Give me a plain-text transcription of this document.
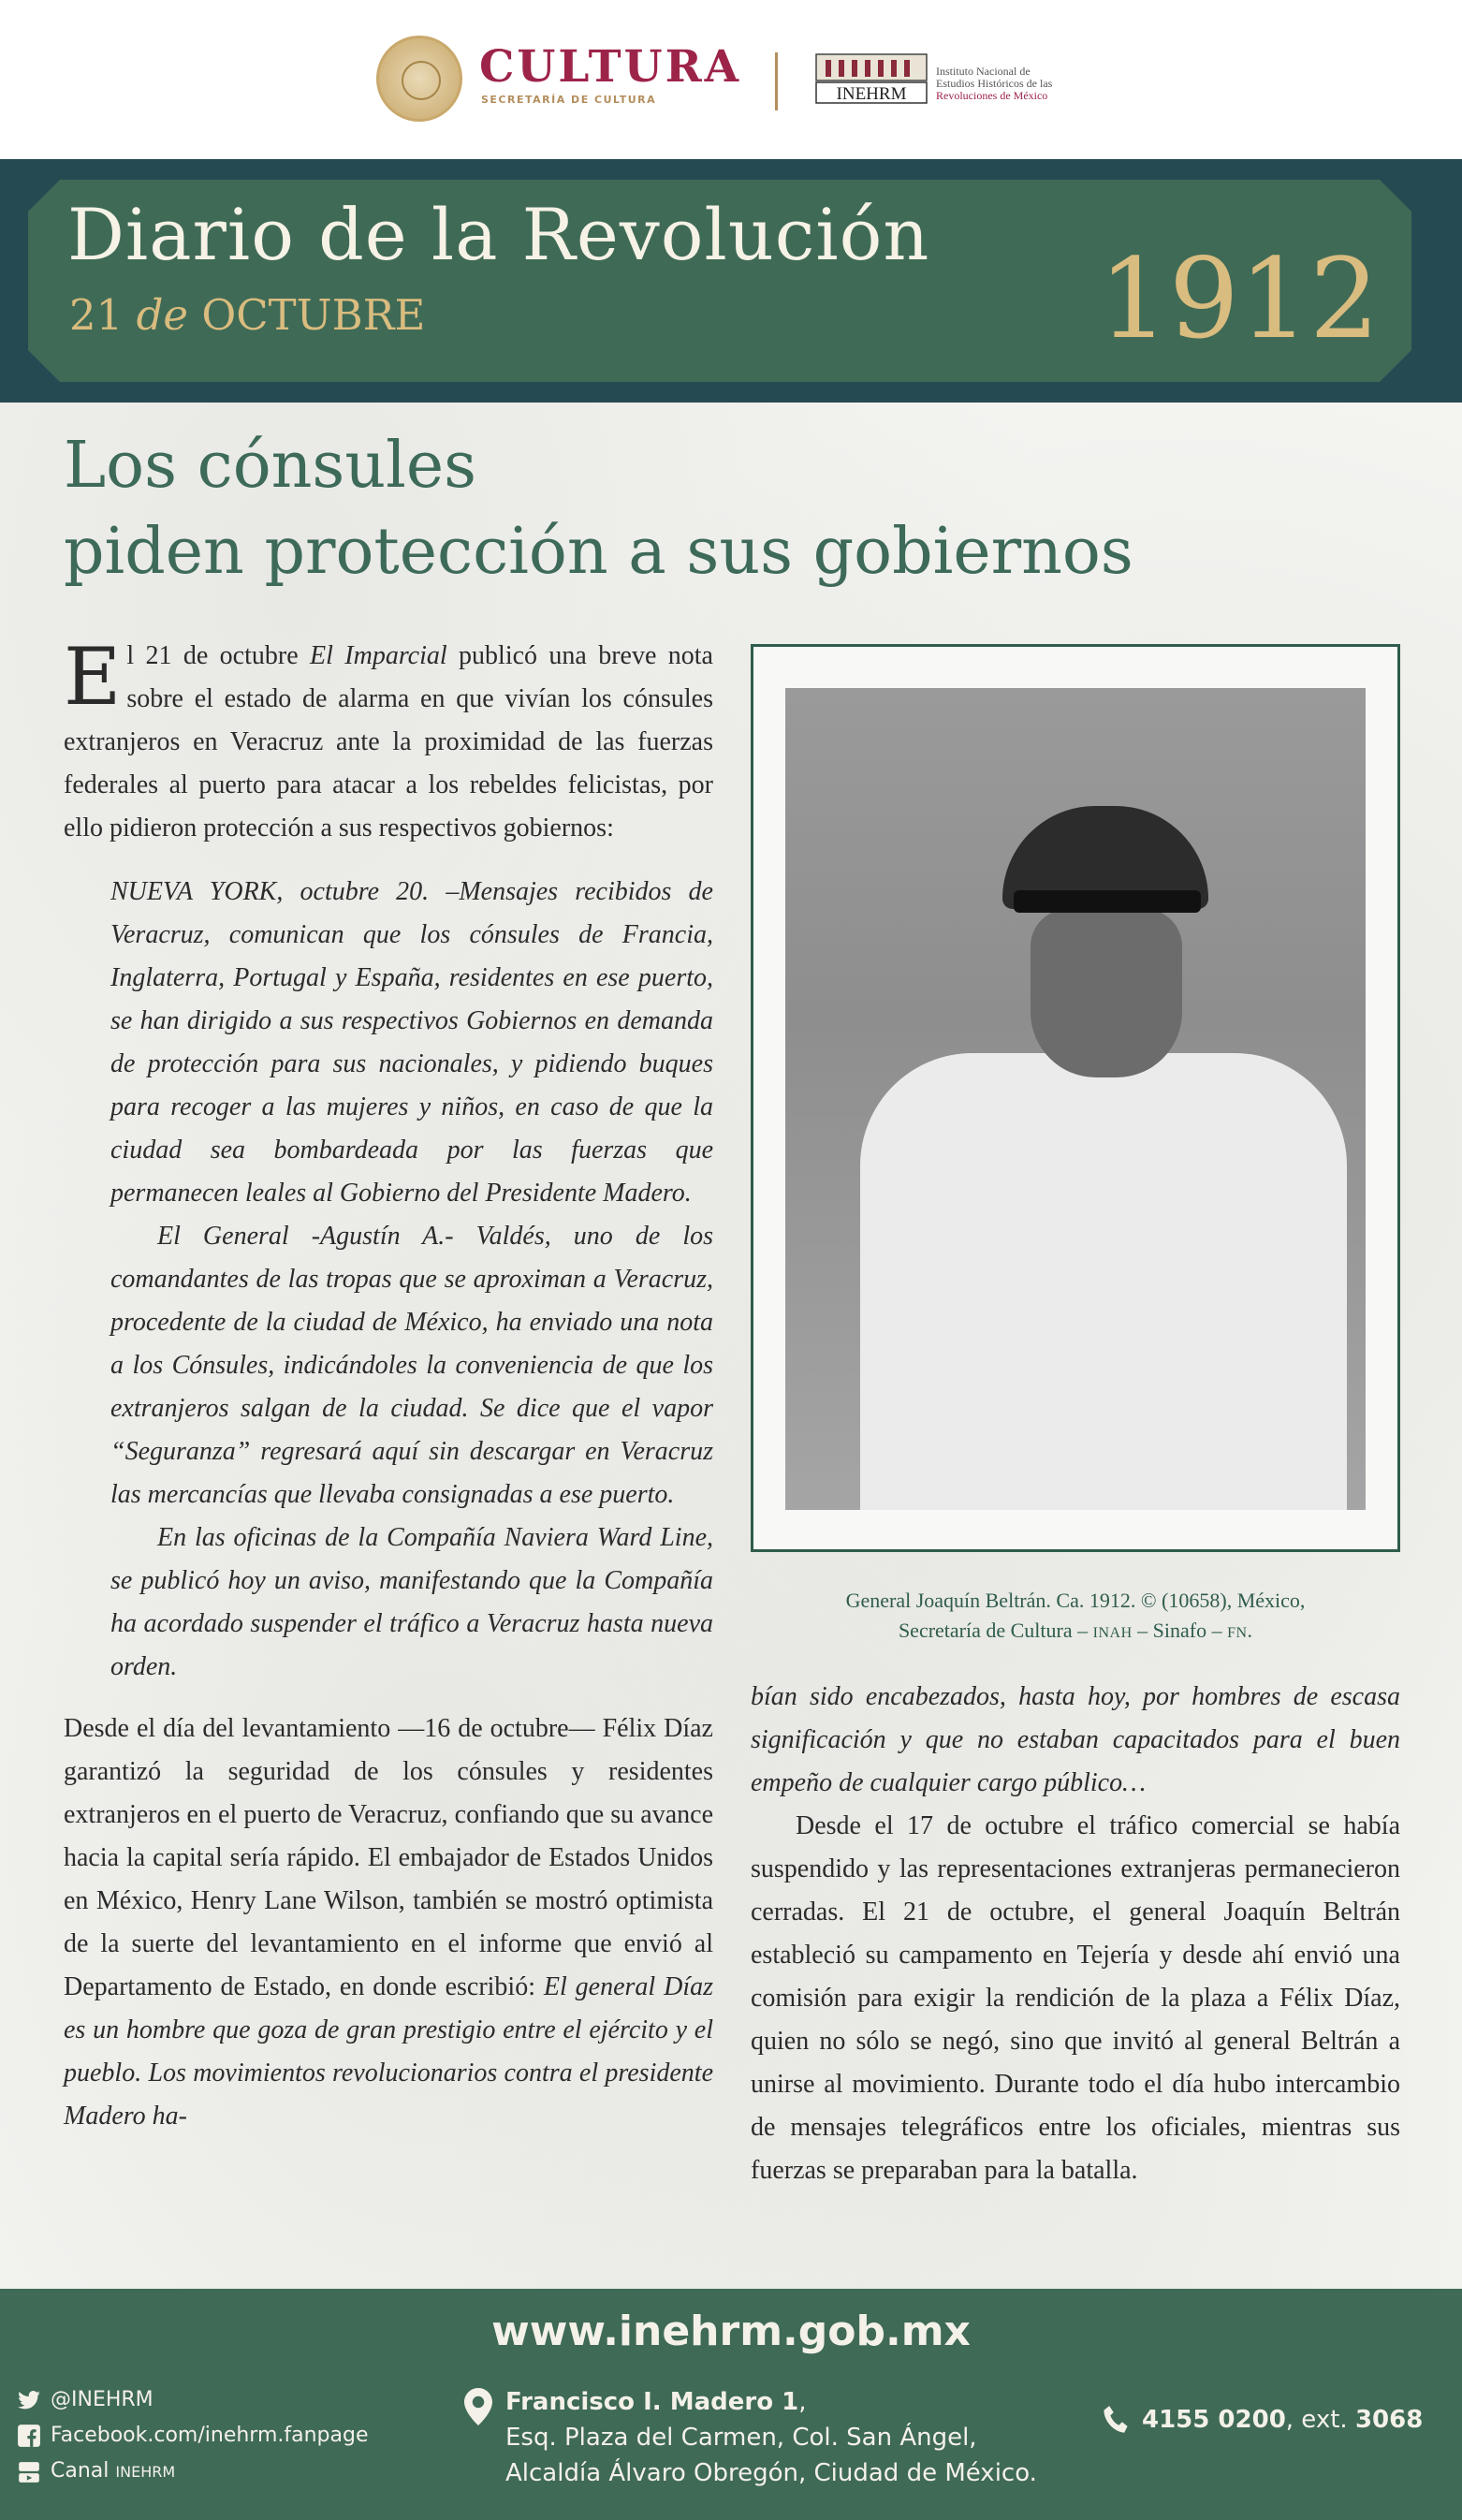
CULTURA
SECRETARÍA DE CULTURA	INEHRM
Instituto Nacional de
Estudios Históricos de las
Revoluciones de México
Diario de la Revolución
21 de OCTUBRE	1912
Los cónsules
piden protección a sus gobiernos

El 21 de octubre El Imparcial publicó una breve nota sobre el estado de alarma en que vivían los cónsules extranjeros en Veracruz ante la proximidad de las fuerzas federales al puerto para atacar a los rebeldes felicistas, por ello pidieron protección a sus respectivos gobiernos:

NUEVA YORK, octubre 20. –Mensajes recibidos de Veracruz, comunican que los cónsules de Francia, Inglaterra, Portugal y España, residentes en ese puerto, se han dirigido a sus respectivos Gobiernos en demanda de protección para sus nacionales, y pidiendo buques para recoger a las mujeres y niños, en caso de que la ciudad sea bombardeada por las fuerzas que permanecen leales al Gobierno del Presidente Madero.

El General -Agustín A.- Valdés, uno de los comandantes de las tropas que se aproximan a Veracruz, procedente de la ciudad de México, ha enviado una nota a los Cónsules, indicándoles la conveniencia de que los extranjeros salgan de la ciudad. Se dice que el vapor “Seguranza” regresará aquí sin descargar en Veracruz las mercancías que llevaba consignadas a ese puerto.

En las oficinas de la Compañía Naviera Ward Line, se publicó hoy un aviso, manifestando que la Compañía ha acordado suspender el tráfico a Veracruz hasta nueva orden.

Desde el día del levantamiento —16 de octubre— Félix Díaz garantizó la seguridad de los cónsules y residentes extranjeros en el puerto de Veracruz, confiando que su avance hacia la capital sería rápido. El embajador de Estados Unidos en México, Henry Lane Wilson, también se mostró optimista de la suerte del levantamiento en el informe que envió al Departamento de Estado, en donde escribió: El general Díaz es un hombre que goza de gran prestigio entre el ejército y el pueblo. Los movimientos revolucionarios contra el presidente Madero ha-

General Joaquín Beltrán. Ca. 1912. © (10658), México,
Secretaría de Cultura – INAH – Sinafo – FN.

bían sido encabezados, hasta hoy, por hombres de escasa significación y que no estaban capacitados para el buen empeño de cualquier cargo público…

Desde el 17 de octubre el tráfico comercial se había suspendido y las representaciones extranjeras permanecieron cerradas. El 21 de octubre, el general Joaquín Beltrán estableció su campamento en Tejería y desde ahí envió una comisión para exigir la rendición de la plaza a Félix Díaz, quien no sólo se negó, sino que invitó al general Beltrán a unirse al movimiento. Durante todo el día hubo intercambio de mensajes telegráficos entre los oficiales, mientras sus fuerzas se preparaban para la batalla.

www.inehrm.gob.mx
@INEHRM
Facebook.com/inehrm.fanpage
Canal INEHRM
Francisco I. Madero 1,
Esq. Plaza del Carmen, Col. San Ángel,
Alcaldía Álvaro Obregón, Ciudad de México.
4155 0200, ext. 3068
